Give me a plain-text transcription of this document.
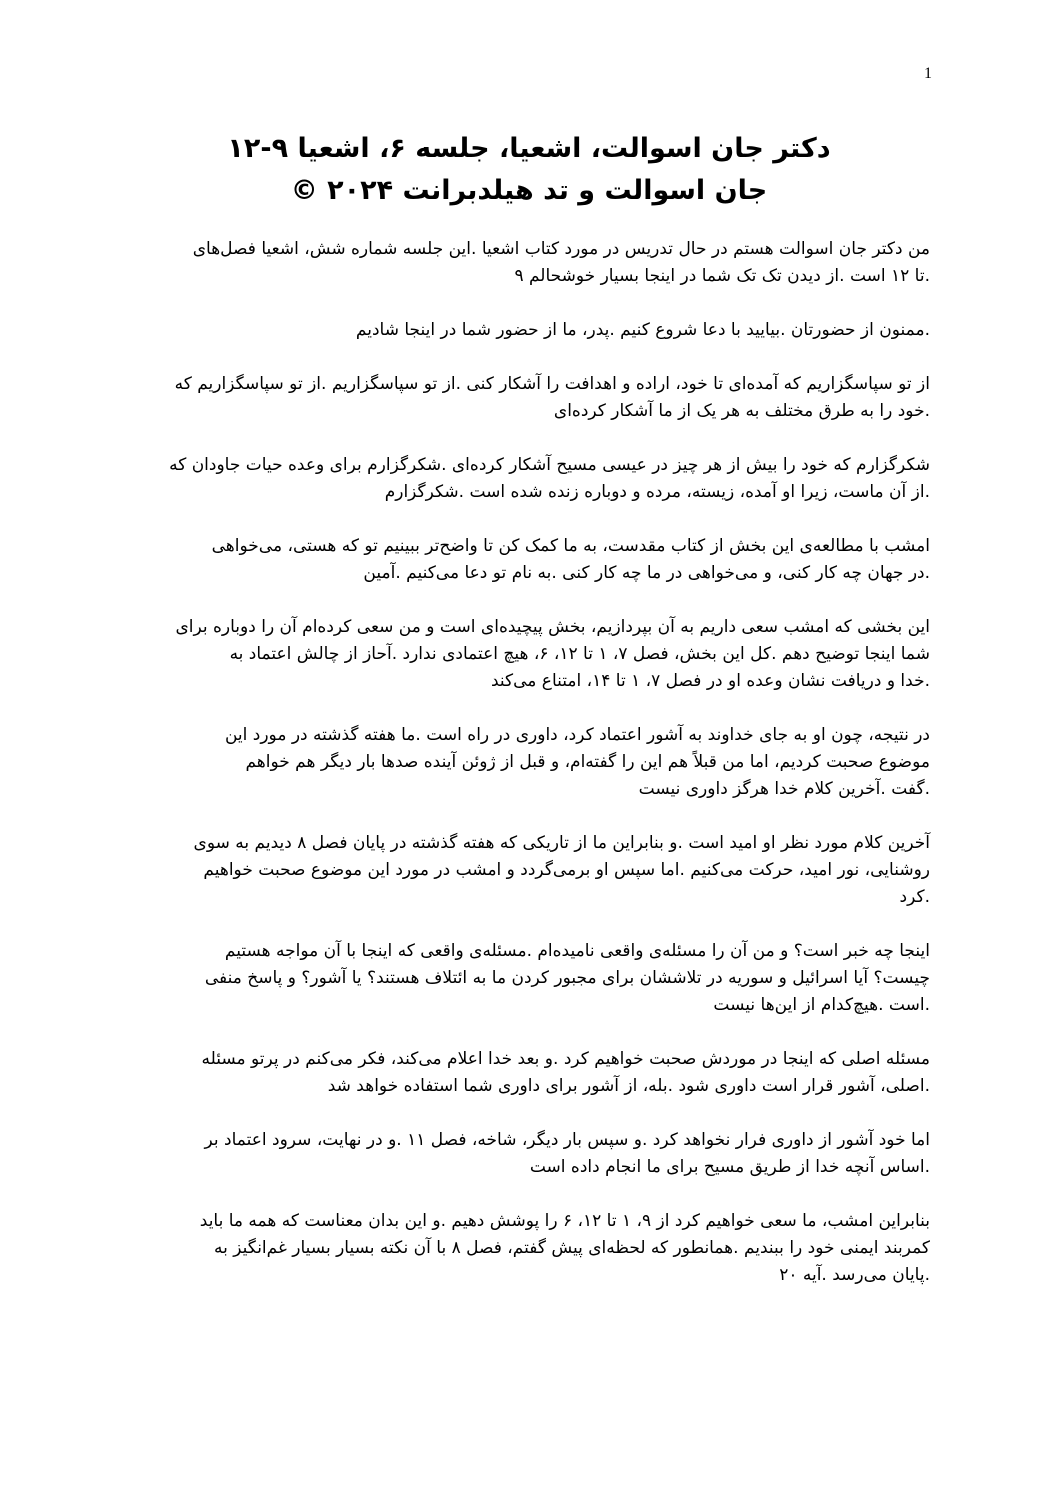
1
دکتر جان اسوالت، اشعیا، جلسه ۶، اشعیا ۹-۱۲
جان اسوالت و تد هیلدبرانت ۲۰۲۴ ©
من دکتر جان اسوالت هستم در حال تدریس در مورد کتاب اشعیا .این جلسه شماره شش، اشعیا فصل‌های
.تا ۱۲ است .از دیدن تک تک شما در اینجا بسیار خوشحالم ۹
.ممنون از حضورتان .بیایید با دعا شروع کنیم .پدر، ما از حضور شما در اینجا شادیم
از تو سپاسگزاریم که آمده‌ای تا خود، اراده و اهدافت را آشکار کنی .از تو سپاسگزاریم .از تو سپاسگزاریم که
.خود را به طرق مختلف به هر یک از ما آشکار کرده‌ای
شکرگزارم که خود را بیش از هر چیز در عیسی مسیح آشکار کرده‌ای .شکرگزارم برای وعده حیات جاودان که
.از آن ماست، زیرا او آمده، زیسته، مرده و دوباره زنده شده است .شکرگزارم
امشب با مطالعه‌ی این بخش از کتاب مقدست، به ما کمک کن تا واضح‌تر ببینیم تو که هستی، می‌خواهی
.در جهان چه کار کنی، و می‌خواهی در ما چه کار کنی .به نام تو دعا می‌کنیم .آمین
این بخشی که امشب سعی داریم به آن بپردازیم، بخش پیچیده‌ای است و من سعی کرده‌ام آن را دوباره برای
شما اینجا توضیح دهم .کل این بخش، فصل ۷، ۱ تا ۱۲، ۶، هیچ اعتمادی ندارد .آحاز از چالش اعتماد به
.خدا و دریافت نشان وعده او در فصل ۷، ۱ تا ۱۴، امتناع می‌کند
در نتیجه، چون او به جای خداوند به آشور اعتماد کرد، داوری در راه است .ما هفته گذشته در مورد این
موضوع صحبت کردیم، اما من قبلاً هم این را گفته‌ام، و قبل از ژوئن آینده صدها بار دیگر هم خواهم
.گفت .آخرین کلام خدا هرگز داوری نیست
آخرین کلام مورد نظر او امید است .و بنابراین ما از تاریکی که هفته گذشته در پایان فصل ۸ دیدیم به سوی
روشنایی، نور امید، حرکت می‌کنیم .اما سپس او برمی‌گردد و امشب در مورد این موضوع صحبت خواهیم
.کرد
اینجا چه خبر است؟ و من آن را مسئله‌ی واقعی نامیده‌ام .مسئله‌ی واقعی که اینجا با آن مواجه هستیم
چیست؟ آیا اسرائیل و سوریه در تلاششان برای مجبور کردن ما به ائتلاف هستند؟ یا آشور؟ و پاسخ منفی
.است .هیچ‌کدام از این‌ها نیست
مسئله اصلی که اینجا در موردش صحبت خواهیم کرد .و بعد خدا اعلام می‌کند، فکر می‌کنم در پرتو مسئله
.اصلی، آشور قرار است داوری شود .بله، از آشور برای داوری شما استفاده خواهد شد
اما خود آشور از داوری فرار نخواهد کرد .و سپس بار دیگر، شاخه، فصل ۱۱ .و در نهایت، سرود اعتماد بر
.اساس آنچه خدا از طریق مسیح برای ما انجام داده است
بنابراین امشب، ما سعی خواهیم کرد از ۹، ۱ تا ۱۲، ۶ را پوشش دهیم .و این بدان معناست که همه ما باید
کمربند ایمنی خود را ببندیم .همانطور که لحظه‌ای پیش گفتم، فصل ۸ با آن نکته بسیار بسیار غم‌انگیز به
.پایان می‌رسد .آیه ۲۰
